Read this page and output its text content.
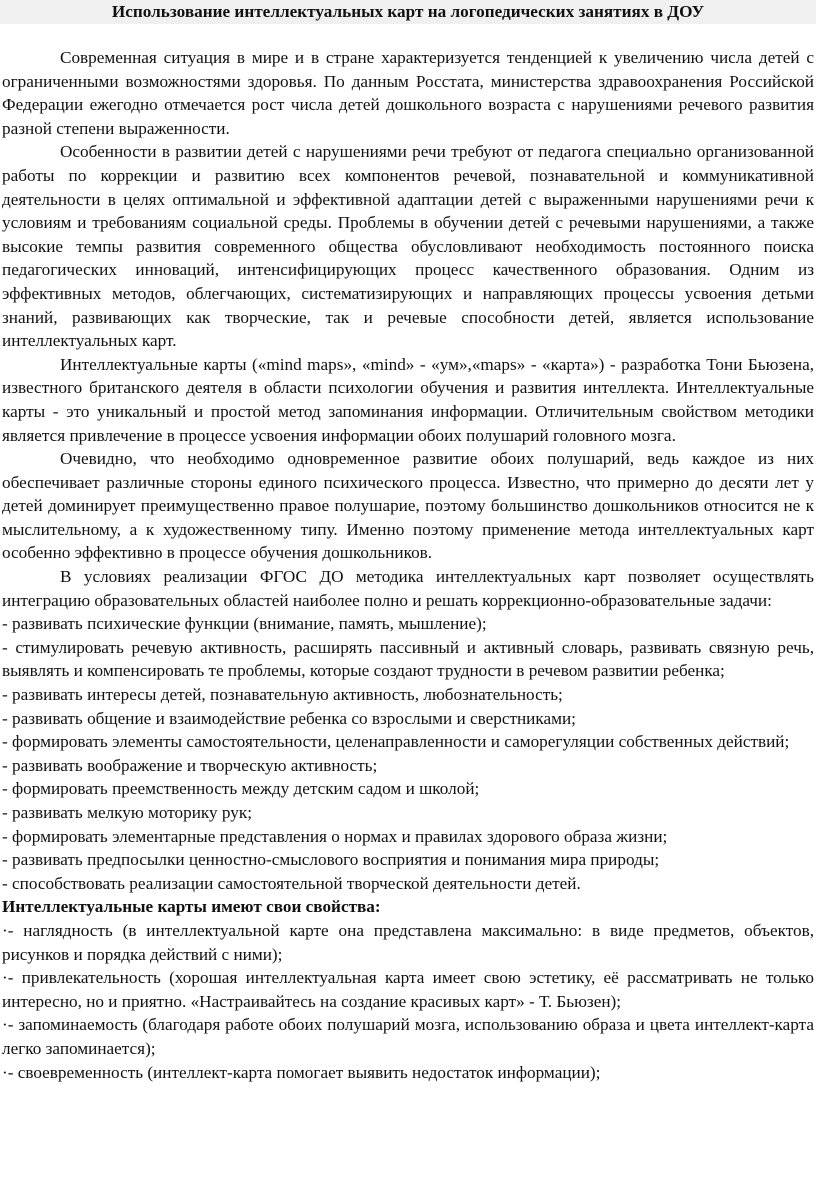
Использование интеллектуальных карт на логопедических занятиях в ДОУ

Современная ситуация в мире и в стране характеризуется тенденцией к увеличению числа детей с ограниченными возможностями здоровья. По данным Росстата, министерства здравоохранения Российской Федерации ежегодно отмечается рост числа детей дошкольного возраста с нарушениями речевого развития разной степени выраженности.

Особенности в развитии детей с нарушениями речи требуют от педагога специально организованной работы по коррекции и развитию всех компонентов речевой, познавательной и коммуникативной деятельности в целях оптимальной и эффективной адаптации детей с выраженными нарушениями речи к условиям и требованиям социальной среды. Проблемы в обучении детей с речевыми нарушениями, а также высокие темпы развития современного общества обусловливают необходимость постоянного поиска педагогических инноваций, интенсифицирующих процесс качественного образования. Одним из эффективных методов, облегчающих, систематизирующих и направляющих процессы усвоения детьми знаний, развивающих как творческие, так и речевые способности детей, является использование интеллектуальных карт.

Интеллектуальные карты («mind maps», «mind» - «ум»,«maps» - «карта») - разработка Тони Бьюзена, известного британского деятеля в области психологии обучения и развития интеллекта. Интеллектуальные карты - это уникальный и простой метод запоминания информации. Отличительным свойством методики является привлечение в процессе усвоения информации обоих полушарий головного мозга.

Очевидно, что необходимо одновременное развитие обоих полушарий, ведь каждое из них обеспечивает различные стороны единого психического процесса. Известно, что примерно до десяти лет у детей доминирует преимущественно правое полушарие, поэтому большинство дошкольников относится не к мыслительному, а к художественному типу. Именно поэтому применение метода интеллектуальных карт особенно эффективно в процессе обучения дошкольников.

В условиях реализации ФГОС ДО методика интеллектуальных карт позволяет осуществлять интеграцию образовательных областей наиболее полно и решать коррекционно-образовательные задачи:

- развивать психические функции (внимание, память, мышление);

- стимулировать речевую активность, расширять пассивный и активный словарь, развивать связную речь, выявлять и компенсировать те проблемы, которые создают трудности в речевом развитии ребенка;

- развивать интересы детей, познавательную активность, любознательность;

- развивать общение и взаимодействие ребенка со взрослыми и сверстниками;

- формировать элементы самостоятельности, целенаправленности и саморегуляции собственных действий;

- развивать воображение и творческую активность;

- формировать преемственность между детским садом и школой;

- развивать мелкую моторику рук;

- формировать элементарные представления о нормах и правилах здорового образа жизни;

- развивать предпосылки ценностно-смыслового восприятия и понимания мира природы;

- способствовать реализации самостоятельной творческой деятельности детей.

Интеллектуальные карты имеют свои свойства:

·- наглядность (в интеллектуальной карте она представлена максимально: в виде предметов, объектов, рисунков и порядка действий с ними);

·- привлекательность (хорошая интеллектуальная карта имеет свою эстетику, её рассматривать не только интересно, но и приятно. «Настраивайтесь на создание красивых карт» - Т. Бьюзен);

·- запоминаемость (благодаря работе обоих полушарий мозга, использованию образа и цвета интеллект-карта легко запоминается);

·- своевременность (интеллект-карта помогает выявить недостаток информации);
